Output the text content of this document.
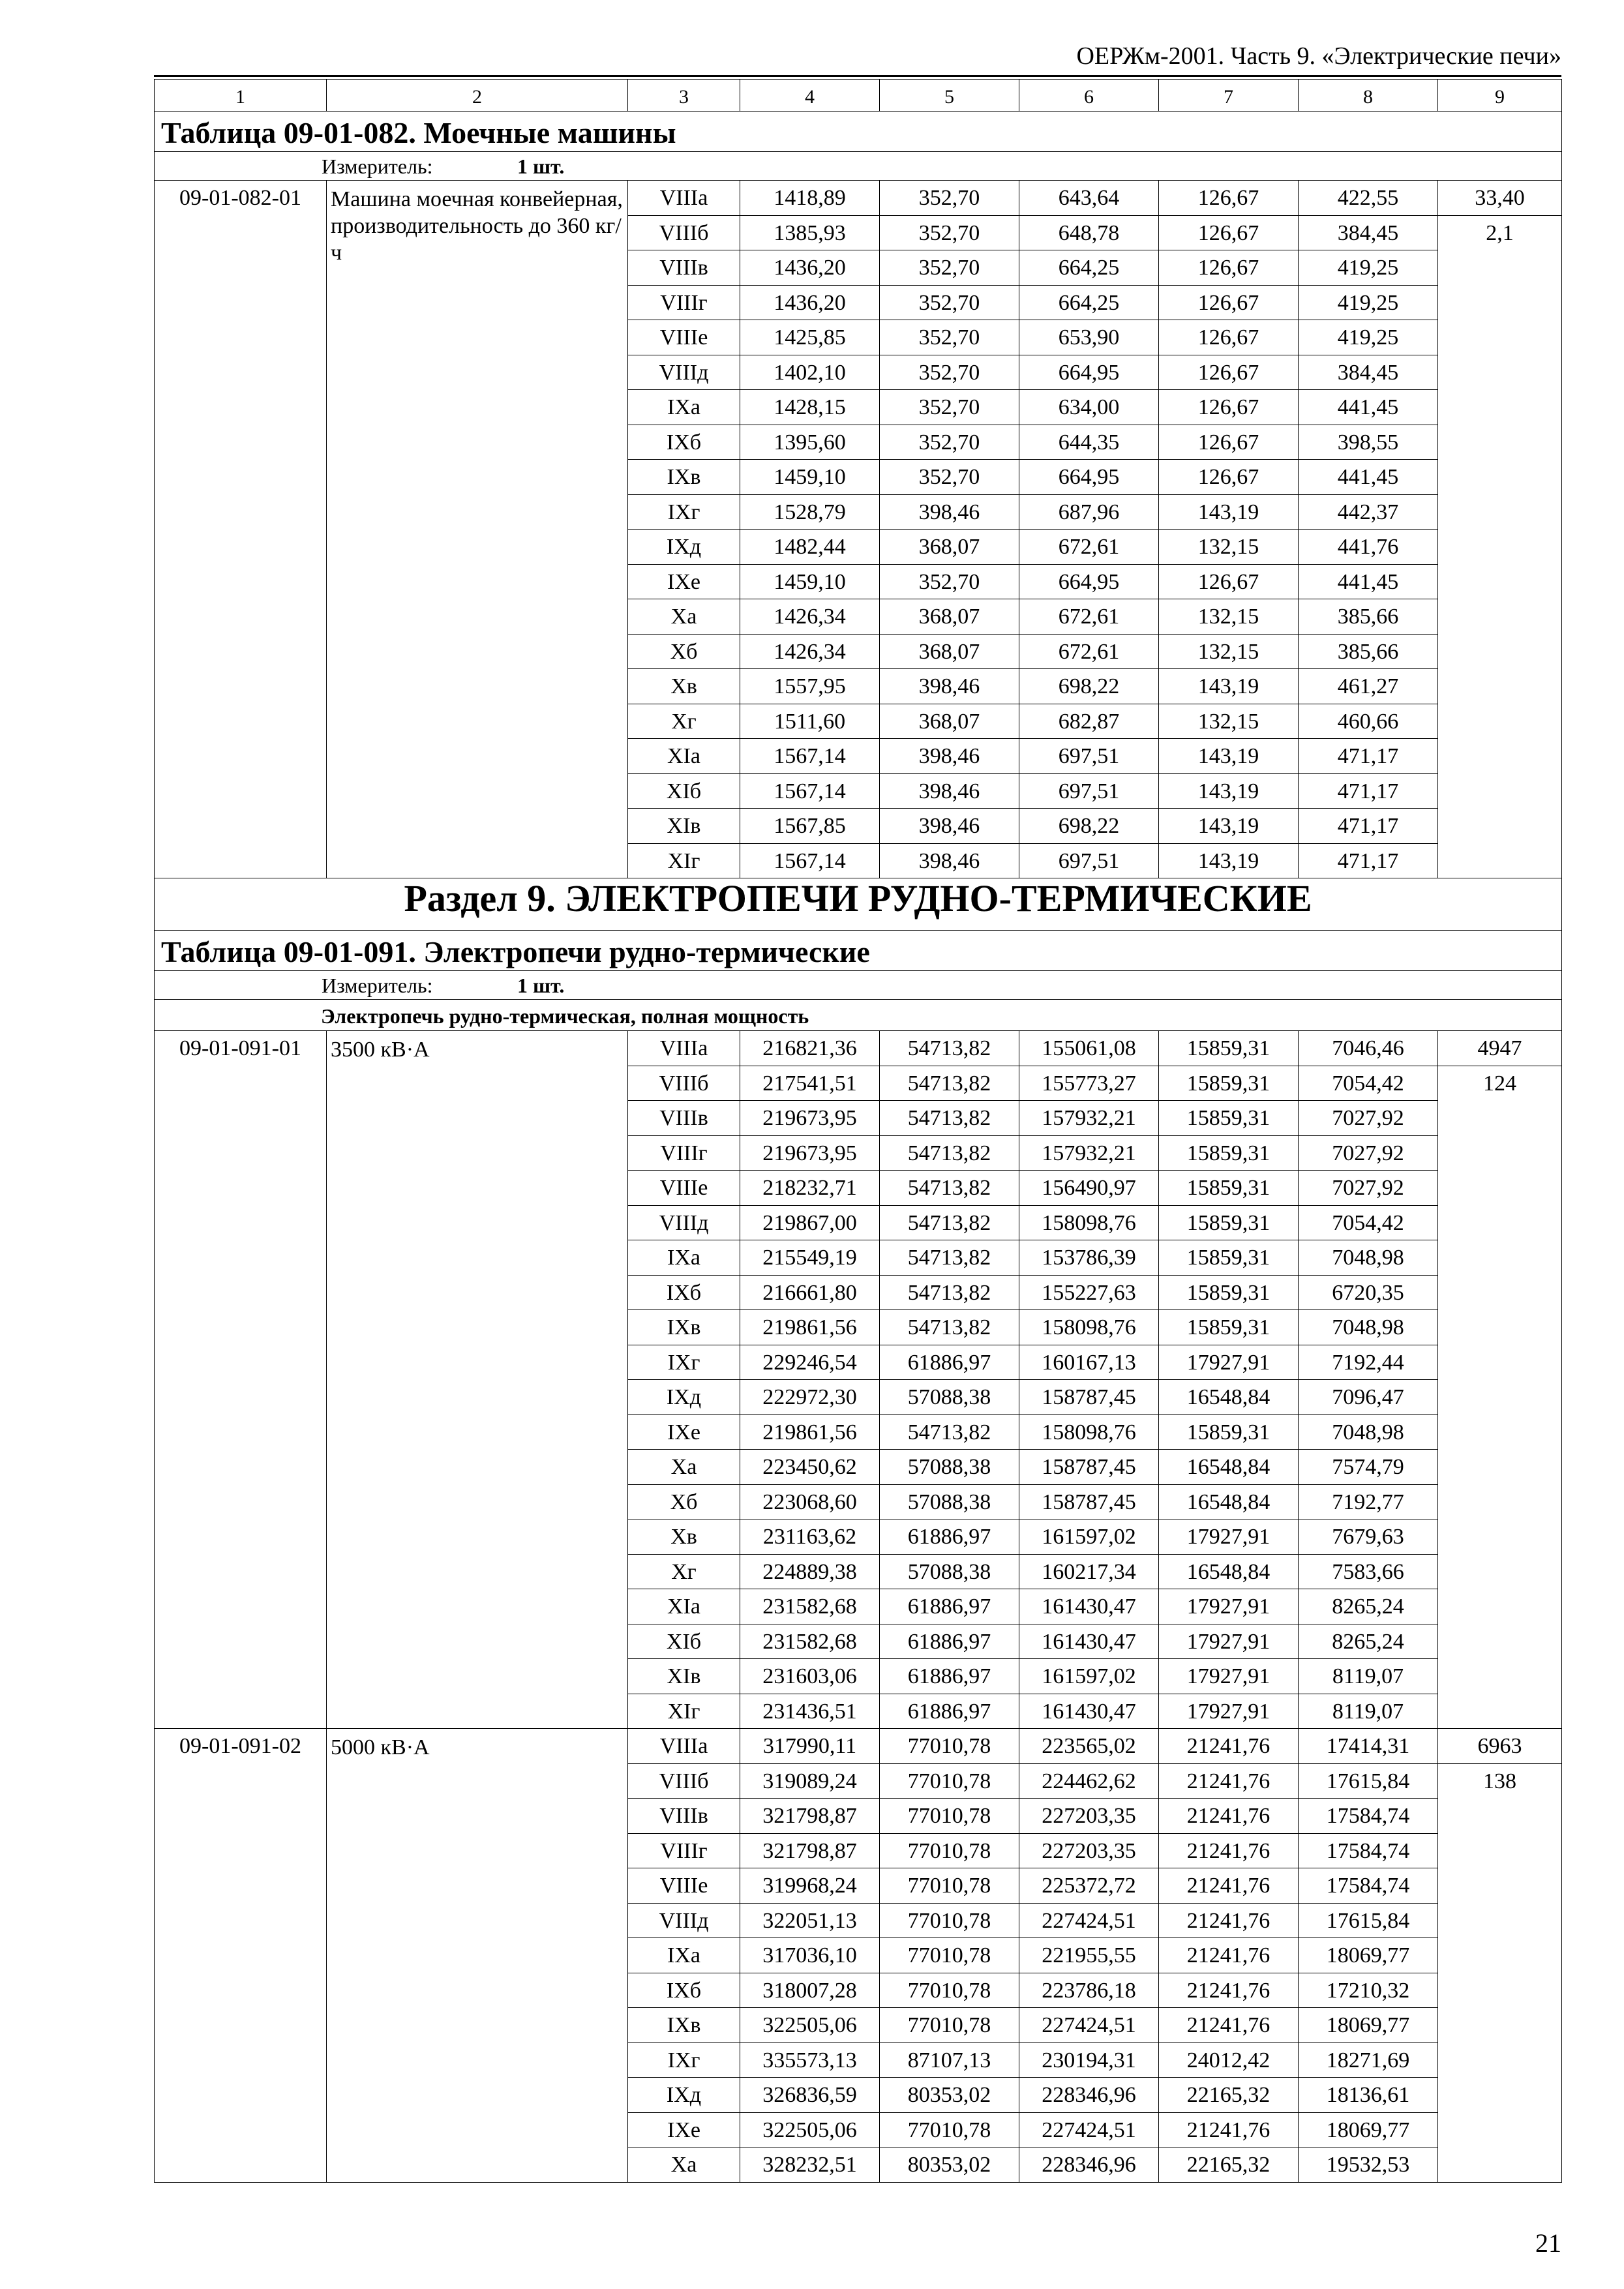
ОЕРЖм-2001. Часть 9. «Электрические печи»
1	2	3	4	5	6	7	8	9
Таблица 09-01-082. Моечные машины								
Измеритель: 1 шт.								
09-01-082-01	Машина моечная конвейерная, производительность до 360 кг/ч	VIIIа	1418,89	352,70	643,64	126,67	422,55	33,40
		VIIIб	1385,93	352,70	648,78	126,67	384,45	2,1
		VIIIв	1436,20	352,70	664,25	126,67	419,25	
		VIIIг	1436,20	352,70	664,25	126,67	419,25	
		VIIIе	1425,85	352,70	653,90	126,67	419,25	
		VIIIд	1402,10	352,70	664,95	126,67	384,45	
		IХа	1428,15	352,70	634,00	126,67	441,45	
		IХб	1395,60	352,70	644,35	126,67	398,55	
		IХв	1459,10	352,70	664,95	126,67	441,45	
		IХг	1528,79	398,46	687,96	143,19	442,37	
		IХд	1482,44	368,07	672,61	132,15	441,76	
		IХе	1459,10	352,70	664,95	126,67	441,45	
		Ха	1426,34	368,07	672,61	132,15	385,66	
		Хб	1426,34	368,07	672,61	132,15	385,66	
		Хв	1557,95	398,46	698,22	143,19	461,27	
		Хг	1511,60	368,07	682,87	132,15	460,66	
		ХIа	1567,14	398,46	697,51	143,19	471,17	
		ХIб	1567,14	398,46	697,51	143,19	471,17	
		ХIв	1567,85	398,46	698,22	143,19	471,17	
		ХIг	1567,14	398,46	697,51	143,19	471,17	
Раздел 9. ЭЛЕКТРОПЕЧИ РУДНО-ТЕРМИЧЕСКИЕ								
Таблица 09-01-091. Электропечи рудно-термические								
Измеритель: 1 шт.								
Электропечь рудно-термическая, полная мощность								
09-01-091-01	3500 кВ·А	VIIIа	216821,36	54713,82	155061,08	15859,31	7046,46	4947
		VIIIб	217541,51	54713,82	155773,27	15859,31	7054,42	124
		VIIIв	219673,95	54713,82	157932,21	15859,31	7027,92	
		VIIIг	219673,95	54713,82	157932,21	15859,31	7027,92	
		VIIIе	218232,71	54713,82	156490,97	15859,31	7027,92	
		VIIIд	219867,00	54713,82	158098,76	15859,31	7054,42	
		IХа	215549,19	54713,82	153786,39	15859,31	7048,98	
		IХб	216661,80	54713,82	155227,63	15859,31	6720,35	
		IХв	219861,56	54713,82	158098,76	15859,31	7048,98	
		IХг	229246,54	61886,97	160167,13	17927,91	7192,44	
		IХд	222972,30	57088,38	158787,45	16548,84	7096,47	
		IХе	219861,56	54713,82	158098,76	15859,31	7048,98	
		Ха	223450,62	57088,38	158787,45	16548,84	7574,79	
		Хб	223068,60	57088,38	158787,45	16548,84	7192,77	
		Хв	231163,62	61886,97	161597,02	17927,91	7679,63	
		Хг	224889,38	57088,38	160217,34	16548,84	7583,66	
		ХIа	231582,68	61886,97	161430,47	17927,91	8265,24	
		ХIб	231582,68	61886,97	161430,47	17927,91	8265,24	
		ХIв	231603,06	61886,97	161597,02	17927,91	8119,07	
		ХIг	231436,51	61886,97	161430,47	17927,91	8119,07	
09-01-091-02	5000 кВ·А	VIIIа	317990,11	77010,78	223565,02	21241,76	17414,31	6963
		VIIIб	319089,24	77010,78	224462,62	21241,76	17615,84	138
		VIIIв	321798,87	77010,78	227203,35	21241,76	17584,74	
		VIIIг	321798,87	77010,78	227203,35	21241,76	17584,74	
		VIIIе	319968,24	77010,78	225372,72	21241,76	17584,74	
		VIIIд	322051,13	77010,78	227424,51	21241,76	17615,84	
		IХа	317036,10	77010,78	221955,55	21241,76	18069,77	
		IХб	318007,28	77010,78	223786,18	21241,76	17210,32	
		IХв	322505,06	77010,78	227424,51	21241,76	18069,77	
		IХг	335573,13	87107,13	230194,31	24012,42	18271,69	
		IХд	326836,59	80353,02	228346,96	22165,32	18136,61	
		IХе	322505,06	77010,78	227424,51	21241,76	18069,77	
		Ха	328232,51	80353,02	228346,96	22165,32	19532,53	
21
